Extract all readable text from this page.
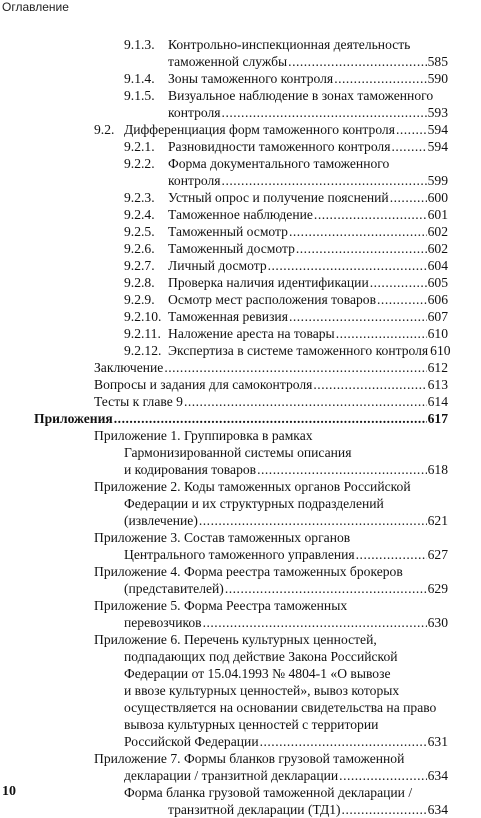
Оглавление
9.1.3. Контрольно-инспекционная деятельность
таможенной службы .....	585
9.1.4. Зоны таможенного контроля .....	590
9.1.5. Визуальное наблюдение в зонах таможенного
контроля .....	593
9.2. Дифференциация форм таможенного контроля ..... 594
9.2.1. Разновидности таможенного контроля .....	594
9.2.2. Форма документального таможенного
контроля .....	599
9.2.3. Устный опрос и получение пояснений .....	600
9.2.4. Таможенное наблюдение .....	601
9.2.5. Таможенный осмотр .....	602
9.2.6. Таможенный досмотр .....	602
9.2.7. Личный досмотр .....	604
9.2.8. Проверка наличия идентификации .....	605
9.2.9. Осмотр мест расположения товаров .....	606
9.2.10. Таможенная ревизия .....	607
9.2.11. Наложение ареста на товары .....	610
9.2.12. Экспертиза в системе таможенного контроля 610
Заключение .....	612
Вопросы и задания для самоконтроля .....	613
Тесты к главе 9 .....	614
Приложения .....	617
Приложение 1. Группировка в рамках
Гармонизированной системы описания
и кодирования товаров .....	618
Приложение 2. Коды таможенных органов Российской
Федерации и их структурных подразделений
(извлечение) .....	621
Приложение 3. Состав таможенных органов
Центрального таможенного управления .....	627
Приложение 4. Форма реестра таможенных брокеров
(представителей) .....	629
Приложение 5. Форма Реестра таможенных
перевозчиков .....	630
Приложение 6. Перечень культурных ценностей,
подпадающих под действие Закона Российской
Федерации от 15.04.1993 № 4804-1 «О вывозе
и ввозе культурных ценностей», вывоз которых
осуществляется на основании свидетельства на право
вывоза культурных ценностей с территории
Российской Федерации .....	631
Приложение 7. Формы бланков грузовой таможенной
декларации / транзитной декларации .....	634
Форма бланка грузовой таможенной декларации /
транзитной декларации (ТД1) .....	634
10
